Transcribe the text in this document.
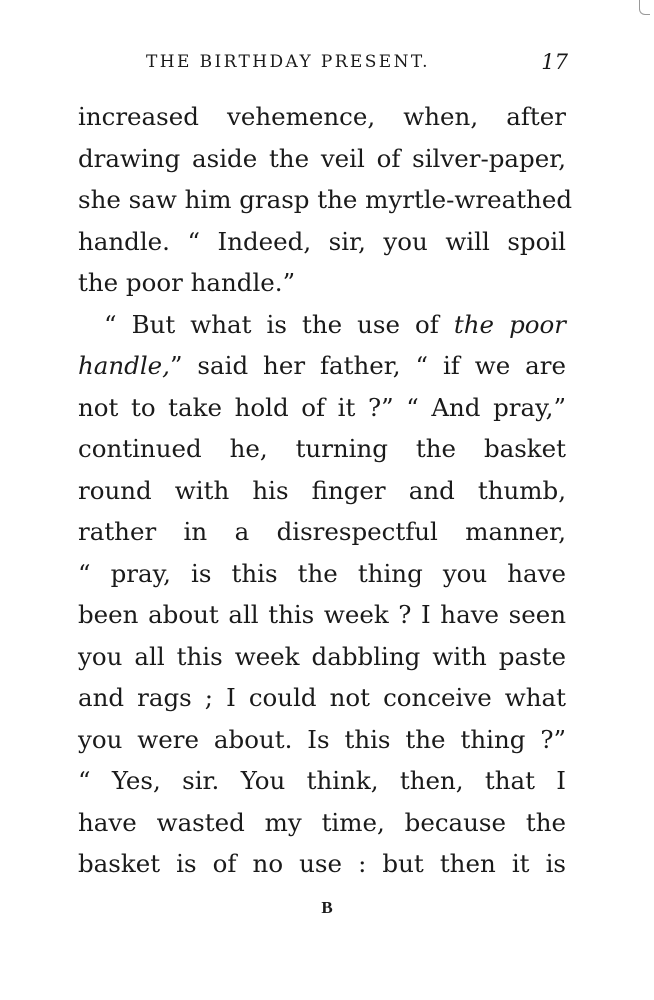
THE BIRTHDAY PRESENT.	17
increased vehemence, when, after
drawing aside the veil of silver-paper,
she saw him grasp the myrtle-wreathed
handle. “ Indeed, sir, you will spoil
the poor handle.”
“ But what is the use of the poor
handle,” said her father, “ if we are
not to take hold of it ?” “ And pray,”
continued he, turning the basket
round with his finger and thumb,
rather in a disrespectful manner,
“ pray, is this the thing you have
been about all this week ? I have seen
you all this week dabbling with paste
and rags ; I could not conceive what
you were about. Is this the thing ?”
“ Yes, sir. You think, then, that I
have wasted my time, because the
basket is of no use : but then it is
B
